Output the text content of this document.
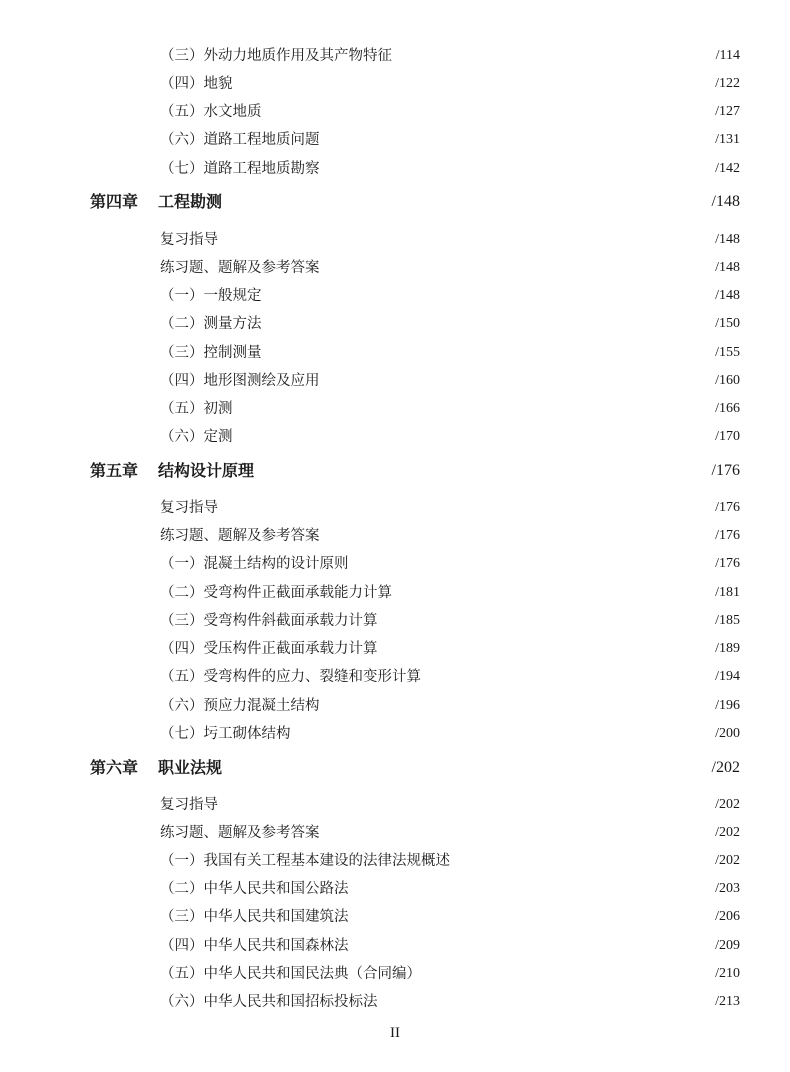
（三）外动力地质作用及其产物特征	/114
（四）地貌	/122
（五）水文地质	/127
（六）道路工程地质问题	/131
（七）道路工程地质勘察	/142
第四章 工程勘测	/148
复习指导	/148
练习题、题解及参考答案	/148
（一）一般规定	/148
（二）测量方法	/150
（三）控制测量	/155
（四）地形图测绘及应用	/160
（五）初测	/166
（六）定测	/170
第五章 结构设计原理	/176
复习指导	/176
练习题、题解及参考答案	/176
（一）混凝土结构的设计原则	/176
（二）受弯构件正截面承载能力计算	/181
（三）受弯构件斜截面承载力计算	/185
（四）受压构件正截面承载力计算	/189
（五）受弯构件的应力、裂缝和变形计算	/194
（六）预应力混凝土结构	/196
（七）圬工砌体结构	/200
第六章 职业法规	/202
复习指导	/202
练习题、题解及参考答案	/202
（一）我国有关工程基本建设的法律法规概述	/202
（二）中华人民共和国公路法	/203
（三）中华人民共和国建筑法	/206
（四）中华人民共和国森林法	/209
（五）中华人民共和国民法典（合同编）	/210
（六）中华人民共和国招标投标法	/213
II
